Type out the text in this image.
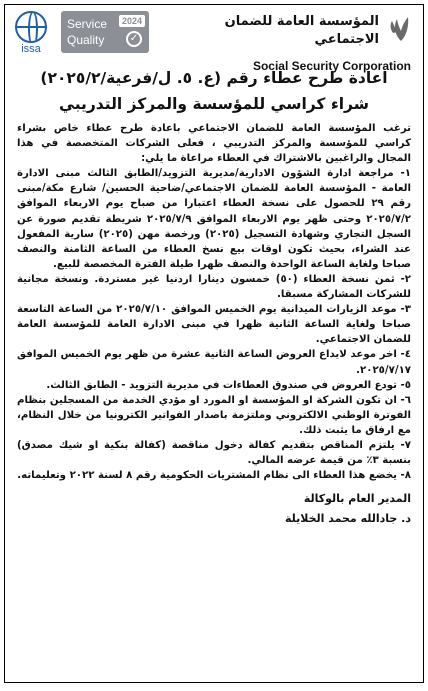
issa
2024
Service
Quality	✓
المؤسسة العامة للضمان الاجتماعي
Social Security Corporation
اعادة طرح عطاء رقم (ع. ٥. ل/فرعية/٢٠٢٥/٢)
شراء كراسي للمؤسسة والمركز التدريبي

ترغب المؤسسة العامة للضمان الاجتماعي باعادة طرح عطاء خاص بشراء كراسي للمؤسسة والمركز التدريبي ، فعلى الشركات المتخصصة في هذا المجال والراغبين بالاشتراك في العطاء مراعاة ما يلي:

١- مراجعة ادارة الشؤون الادارية/مديرية التزويد/الطابق الثالث مبنى الادارة العامة - المؤسسة العامة للضمان الاجتماعي/ضاحية الحسين/ شارع مكة/مبنى رقم ٢٩ للحصول على نسخة العطاء اعتبارا من صباح يوم الاربعاء الموافق ٢٠٢٥/٧/٢ وحتى ظهر يوم الاربعاء الموافق ٢٠٢٥/٧/٩ شريطة تقديم صورة عن السجل التجاري وشهادة التسجيل (٢٠٢٥) ورخصة مهن (٢٠٢٥) سارية المفعول عند الشراء، بحيث تكون اوقات بيع نسخ العطاء من الساعة الثامنة والنصف صباحا ولغاية الساعة الواحدة والنصف ظهرا طيلة الفترة المخصصة للبيع.

٢- ثمن نسخة العطاء (٥٠) خمسون دينارا اردنيا غير مستردة. ونسخة مجانية للشركات المشاركة مسبقا.

٣- موعد الزيارات الميدانية يوم الخميس الموافق ٢٠٢٥/٧/١٠ من الساعة التاسعة صباحا ولغاية الساعة الثانية ظهرا في مبنى الادارة العامة للمؤسسة العامة للضمان الاجتماعي.

٤- اخر موعد لايداع العروض الساعة الثانية عشرة من ظهر يوم الخميس الموافق ٢٠٢٥/٧/١٧.

٥- تودع العروض في صندوق العطاءات في مديرية التزويد - الطابق الثالث.

٦- ان تكون الشركة او المؤسسة او المورد او مؤدي الخدمة من المسجلين بنظام الفوترة الوطني الالكتروني وملتزمة باصدار الفواتير الكترونيا من خلال النظام، مع ارفاق ما يثبت ذلك.

٧- يلتزم المناقص بتقديم كفالة دخول مناقصة (كفالة بنكية او شيك مصدق) بنسبة ٣٪ من قيمة عرضه المالي.

٨- يخضع هذا العطاء الى نظام المشتريات الحكومية رقم ٨ لسنة ٢٠٢٢ وتعليماته.

المدير العام بالوكالة
د. جادالله محمد الخلايلة
